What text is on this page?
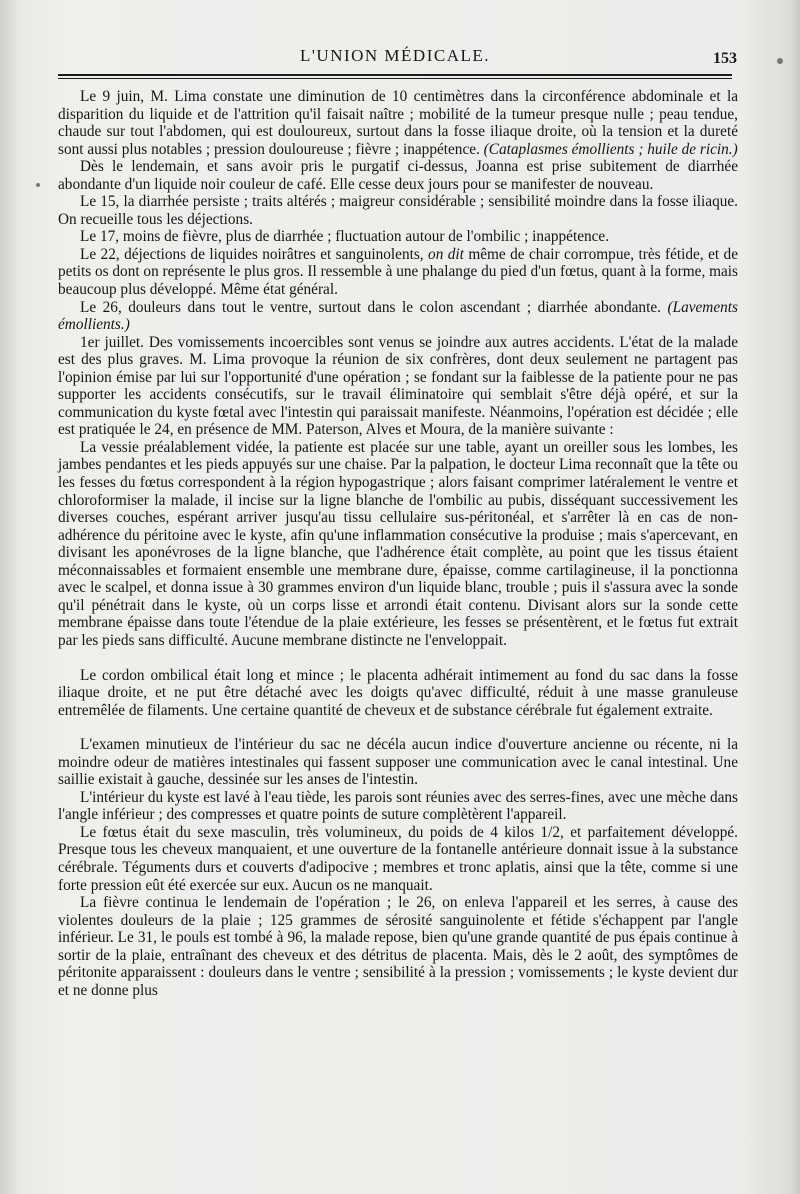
L'UNION MÉDICALE.	153

Le 9 juin, M. Lima constate une diminution de 10 centimètres dans la circonférence abdominale et la disparition du liquide et de l'attrition qu'il faisait naître ; mobilité de la tumeur presque nulle ; peau tendue, chaude sur tout l'abdomen, qui est douloureux, surtout dans la fosse iliaque droite, où la tension et la dureté sont aussi plus notables ; pression douloureuse ; fièvre ; inappétence. (Cataplasmes émollients ; huile de ricin.)

Dès le lendemain, et sans avoir pris le purgatif ci-dessus, Joanna est prise subitement de diarrhée abondante d'un liquide noir couleur de café. Elle cesse deux jours pour se manifester de nouveau.

Le 15, la diarrhée persiste ; traits altérés ; maigreur considérable ; sensibilité moindre dans la fosse iliaque. On recueille tous les déjections.

Le 17, moins de fièvre, plus de diarrhée ; fluctuation autour de l'ombilic ; inappétence.

Le 22, déjections de liquides noirâtres et sanguinolents, on dit même de chair corrompue, très fétide, et de petits os dont on représente le plus gros. Il ressemble à une phalange du pied d'un fœtus, quant à la forme, mais beaucoup plus développé. Même état général.

Le 26, douleurs dans tout le ventre, surtout dans le colon ascendant ; diarrhée abondante. (Lavements émollients.)

1er juillet. Des vomissements incoercibles sont venus se joindre aux autres accidents. L'état de la malade est des plus graves. M. Lima provoque la réunion de six confrères, dont deux seulement ne partagent pas l'opinion émise par lui sur l'opportunité d'une opération ; se fondant sur la faiblesse de la patiente pour ne pas supporter les accidents consécutifs, sur le travail éliminatoire qui semblait s'être déjà opéré, et sur la communication du kyste fœtal avec l'intestin qui paraissait manifeste. Néanmoins, l'opération est décidée ; elle est pratiquée le 24, en présence de MM. Paterson, Alves et Moura, de la manière suivante :

La vessie préalablement vidée, la patiente est placée sur une table, ayant un oreiller sous les lombes, les jambes pendantes et les pieds appuyés sur une chaise. Par la palpation, le docteur Lima reconnaît que la tête ou les fesses du fœtus correspondent à la région hypogastrique ; alors faisant comprimer latéralement le ventre et chloroformiser la malade, il incise sur la ligne blanche de l'ombilic au pubis, disséquant successivement les diverses couches, espérant arriver jusqu'au tissu cellulaire sus-péritonéal, et s'arrêter là en cas de non-adhérence du péritoine avec le kyste, afin qu'une inflammation consécutive la produise ; mais s'apercevant, en divisant les aponévroses de la ligne blanche, que l'adhérence était complète, au point que les tissus étaient méconnaissables et formaient ensemble une membrane dure, épaisse, comme cartilagineuse, il la ponctionna avec le scalpel, et donna issue à 30 grammes environ d'un liquide blanc, trouble ; puis il s'assura avec la sonde qu'il pénétrait dans le kyste, où un corps lisse et arrondi était contenu. Divisant alors sur la sonde cette membrane épaisse dans toute l'étendue de la plaie extérieure, les fesses se présentèrent, et le fœtus fut extrait par les pieds sans difficulté. Aucune membrane distincte ne l'enveloppait.

Le cordon ombilical était long et mince ; le placenta adhérait intimement au fond du sac dans la fosse iliaque droite, et ne put être détaché avec les doigts qu'avec difficulté, réduit à une masse granuleuse entremêlée de filaments. Une certaine quantité de cheveux et de substance cérébrale fut également extraite.

L'examen minutieux de l'intérieur du sac ne décéla aucun indice d'ouverture ancienne ou récente, ni la moindre odeur de matières intestinales qui fassent supposer une communication avec le canal intestinal. Une saillie existait à gauche, dessinée sur les anses de l'intestin.

L'intérieur du kyste est lavé à l'eau tiède, les parois sont réunies avec des serres-fines, avec une mèche dans l'angle inférieur ; des compresses et quatre points de suture complètèrent l'appareil.

Le fœtus était du sexe masculin, très volumineux, du poids de 4 kilos 1/2, et parfaitement développé. Presque tous les cheveux manquaient, et une ouverture de la fontanelle antérieure donnait issue à la substance cérébrale. Téguments durs et couverts d'adipocive ; membres et tronc aplatis, ainsi que la tête, comme si une forte pression eût été exercée sur eux. Aucun os ne manquait.

La fièvre continua le lendemain de l'opération ; le 26, on enleva l'appareil et les serres, à cause des violentes douleurs de la plaie ; 125 grammes de sérosité sanguinolente et fétide s'échappent par l'angle inférieur. Le 31, le pouls est tombé à 96, la malade repose, bien qu'une grande quantité de pus épais continue à sortir de la plaie, entraînant des cheveux et des détritus de placenta. Mais, dès le 2 août, des symptômes de péritonite apparaissent : douleurs dans le ventre ; sensibilité à la pression ; vomissements ; le kyste devient dur et ne donne plus
